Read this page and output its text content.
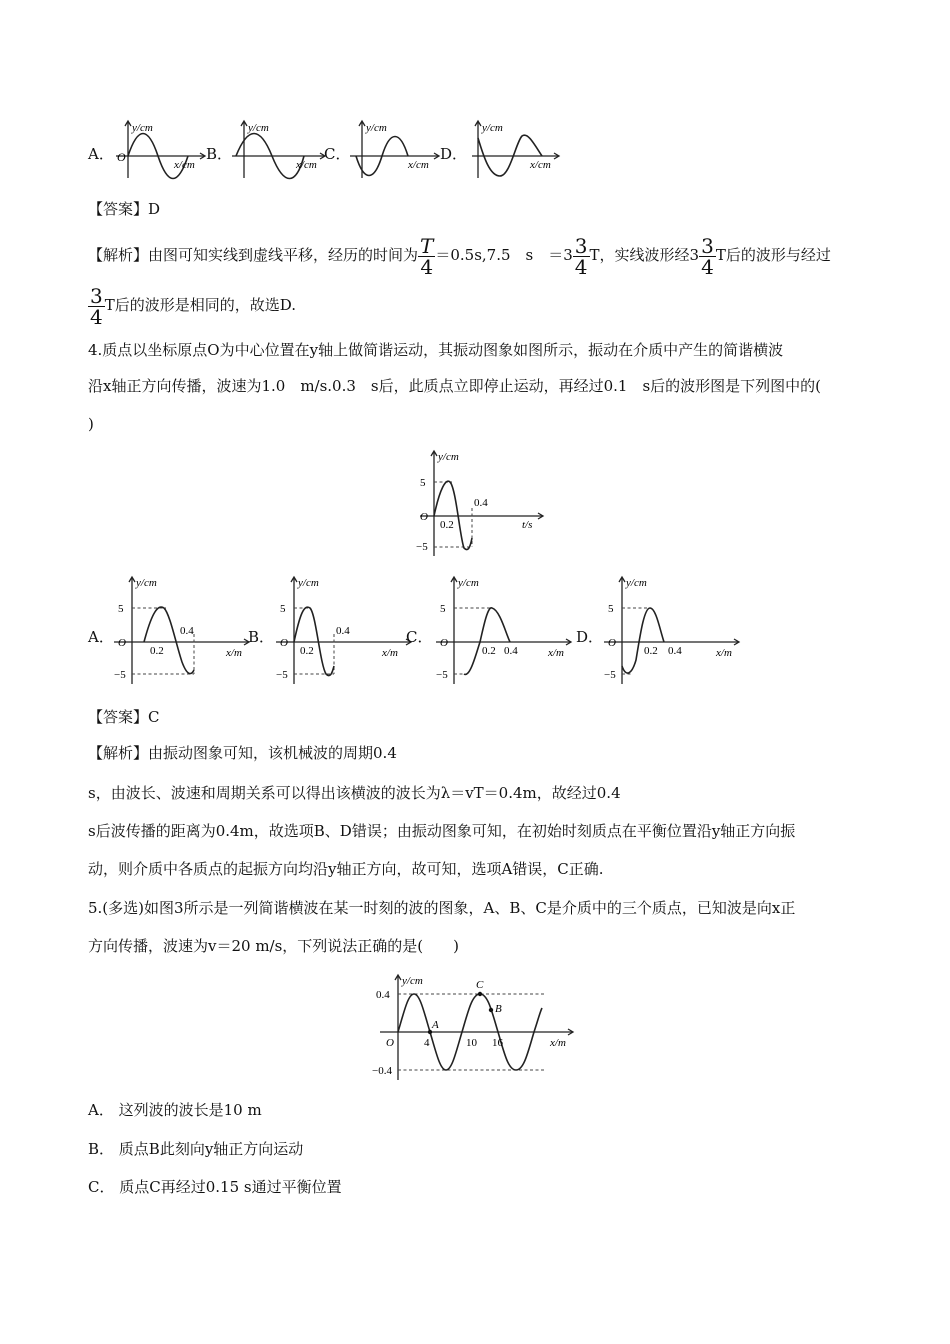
A．
y/cm
x/cm
O	B．
y/cm
x/cm
C．
y/cm
x/cm
D．
y/cm
x/cm
【答案】D
【解析】由图可知实线到虚线平移，经历的时间为 $\frac{T}{4} =0.5s,7.5$　s　$=3 \frac{3}{4}$ T，实线波形经$3 \frac{3}{4}$ T后的波形与经过
$\frac{3}{4}$ T后的波形是相同的，故选D.
4.质点以坐标原点O为中心位置在y轴上做简谐运动，其振动图象如图所示，振动在介质中产生的简谐横波
沿x轴正方向传播，波速为1.0　m/s.0.3　s后，此质点立即停止运动，再经过0.1　s后的波形图是下列图中的(
)
y/cm
5
−5
O
0.2
0.4
t/s
A．
y/cm
5
−5
O
0.2
0.4
x/m
B．
y/cm
5
−5
O
0.2
0.4
x/m
C．
y/cm
5
−5
O
0.2 0.4	x/m
D．
y/cm
5
−5
O
0.2 0.4	x/m
【答案】C
【解析】由振动图象可知，该机械波的周期0.4
s，由波长、波速和周期关系可以得出该横波的波长为λ＝vT＝0.4m，故经过0.4
s后波传播的距离为0.4m，故选项B、D错误；由振动图象可知，在初始时刻质点在平衡位置沿y轴正方向振
动，则介质中各质点的起振方向均沿y轴正方向，故可知，选项A错误，C正确.
5.(多选)如图3所示是一列简谐横波在某一时刻的波的图象，A、B、C是介质中的三个质点，已知波是向x正
方向传播，波速为v＝20 m/s，下列说法正确的是(　　)
y/cm
0.4
−0.4
O	4	10 16	x/m
A
B
C
A． 这列波的波长是10 m
B． 质点B此刻向y轴正方向运动
C． 质点C再经过0.15 s通过平衡位置
